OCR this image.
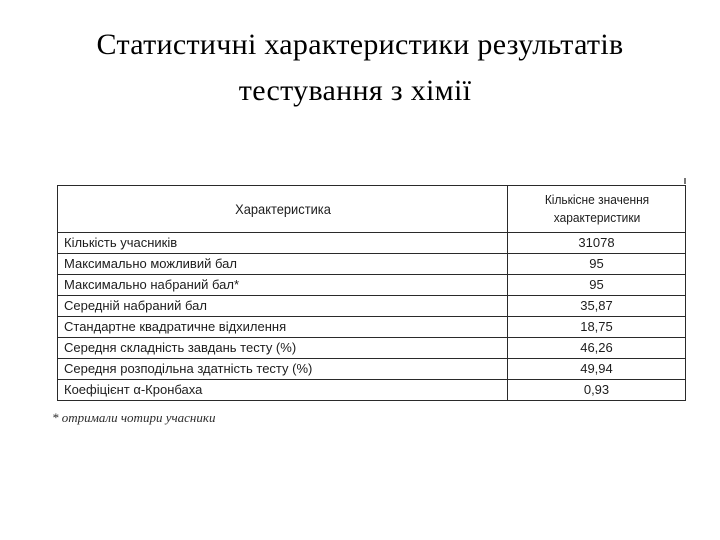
Статистичні характеристики результатів
тестування з хімії
Характеристика	Кількісне значення характеристики
Кількість учасників	31078
Максимально можливий бал	95
Максимально набраний бал*	95
Середній набраний бал	35,87
Стандартне квадратичне відхилення	18,75
Середня складність завдань тесту (%)	46,26
Середня розподільна здатність тесту (%)	49,94
Коефіцієнт α-Кронбаха	0,93
* отримали чотири учасники
